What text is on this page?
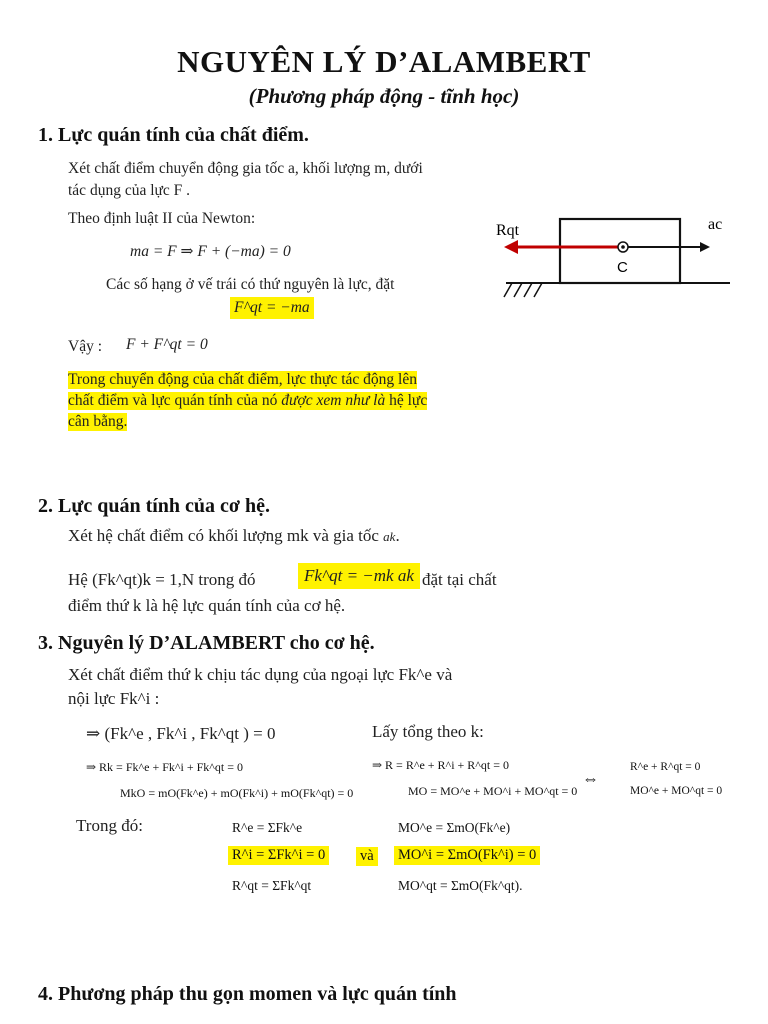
NGUYÊN LÝ D’ALAMBERT
(Phương pháp động - tĩnh học)
1. Lực quán tính của chất điểm.
Xét chất điểm chuyển động gia tốc a, khối lượng m, dưới
tác dụng của lực F .
Theo định luật II của Newton:
ma = F ⇒ F + (−ma) = 0
Các số hạng ở vế trái có thứ nguyên là lực, đặt
F^qt = −ma
Vậy : F + F^qt = 0
Trong chuyển động của chất điểm, lực thực tác động lên
chất điểm và lực quán tính của nó được xem như là hệ lực
cân bằng.
Rqt	ac
C
2. Lực quán tính của cơ hệ.
Xét hệ chất điểm có khối lượng mk và gia tốc ak.
Hệ (Fk^qt)k = 1,N trong đó	Fk^qt = −mk ak đặt tại chất
điểm thứ k là hệ lực quán tính của cơ hệ.
3. Nguyên lý D’ALAMBERT cho cơ hệ.
Xét chất điểm thứ k chịu tác dụng của ngoại lực Fk^e và
nội lực Fk^i :
⇒ (Fk^e , Fk^i , Fk^qt ) = 0	Lấy tổng theo k:
⇒ Rk = Fk^e + Fk^i + Fk^qt = 0
MkO = mO(Fk^e) + mO(Fk^i) + mO(Fk^qt) = 0
⇒ R = R^e + R^i + R^qt = 0
MO = MO^e + MO^i + MO^qt = 0
⇔
R^e + R^qt = 0
MO^e + MO^qt = 0
Trong đó:	R^e = ΣFk^e	MO^e = ΣmO(Fk^e)
R^i = ΣFk^i = 0 và MO^i = ΣmO(Fk^i) = 0
R^qt = ΣFk^qt	MO^qt = ΣmO(Fk^qt).
4. Phương pháp thu gọn momen và lực quán tính
